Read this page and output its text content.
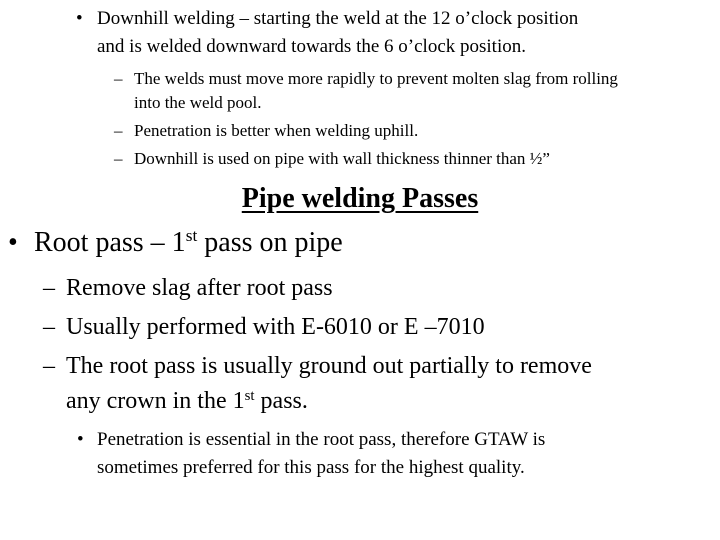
• Downhill welding – starting the weld at the 12 o’clock position
and is welded downward towards the 6 o’clock position.
– The welds must move more rapidly to prevent molten slag from rolling
into the weld pool.
– Penetration is better when welding uphill.
– Downhill is used on pipe with wall thickness thinner than ½”
Pipe welding Passes
• Root pass – 1st pass on pipe
– Remove slag after root pass
– Usually performed with E-6010 or E –7010
– The root pass is usually ground out partially to remove
any crown in the 1st pass.
• Penetration is essential in the root pass, therefore GTAW is
sometimes preferred for this pass for the highest quality.
